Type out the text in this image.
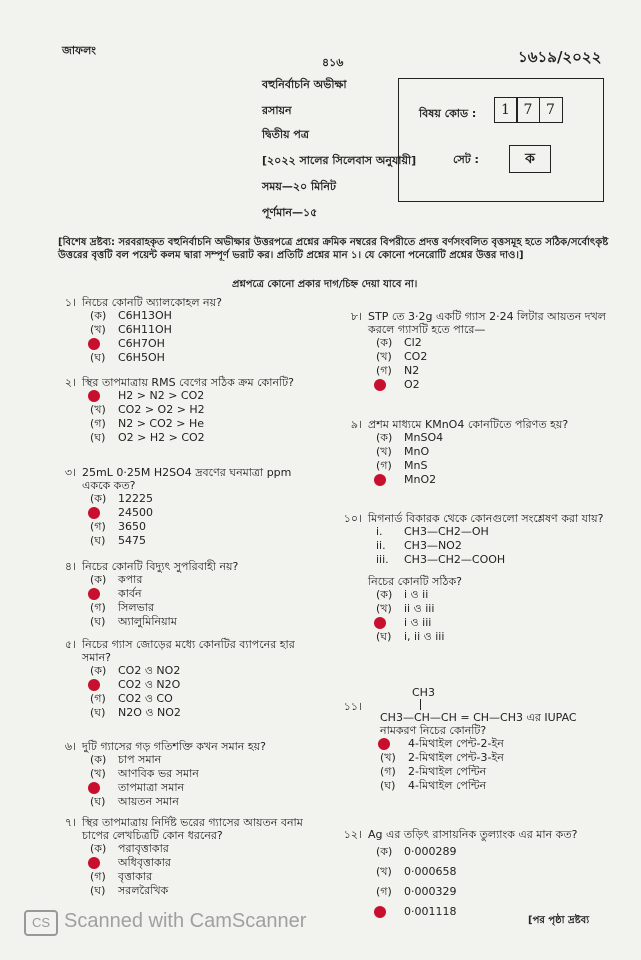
জাফলং
৪১৬	১৬১৯/২০২২
বহুনির্বাচনি অভীক্ষা
রসায়ন
দ্বিতীয় পত্র
[২০২২ সালের সিলেবাস অনুযায়ী]
সময়—২০ মিনিট
পূর্ণমান—১৫
বিষয় কোড :	1 7 7
সেট :	ক
[বিশেষ দ্রষ্টব্য: সরবরাহকৃত বহুনির্বাচনি অভীক্ষার উত্তরপত্রে প্রশ্নের ক্রমিক নম্বরের বিপরীতে প্রদত্ত বর্ণসংবলিত বৃত্তসমূহ হতে সঠিক/সর্বোৎকৃষ্ট উত্তরের বৃত্তটি বল পয়েন্ট কলম দ্বারা সম্পূর্ণ ভরাট কর। প্রতিটি প্রশ্নের মান ১। যে কোনো পনেরোটি প্রশ্নের উত্তর দাও।]
প্রশ্নপত্রে কোনো প্রকার দাগ/চিহ্ন দেয়া যাবে না।
১। নিচের কোনটি অ্যালকোহল নয়?
(ক) C6H13OH
(খ) C6H11OH
C6H7OH
(ঘ) C6H5OH
২। স্থির তাপমাত্রায় RMS বেগের সঠিক ক্রম কোনটি?
H2 > N2 > CO2
(খ) CO2 > O2 > H2
(গ) N2 > CO2 > He
(ঘ) O2 > H2 > CO2
৩। 25mL 0·25M H2SO4 দ্রবণের ঘনমাত্রা ppm এককে কত?
(ক) 12225
24500
(গ) 3650
(ঘ) 5475
৪। নিচের কোনটি বিদ্যুৎ সুপরিবাহী নয়?
(ক) কপার
কার্বন
(গ) সিলভার
(ঘ) অ্যালুমিনিয়াম
৫। নিচের গ্যাস জোড়ের মধ্যে কোনটির ব্যাপনের হার সমান?
(ক) CO2 ও NO2
CO2 ও N2O
(গ) CO2 ও CO
(ঘ) N2O ও NO2
৬। দুটি গ্যাসের গড় গতিশক্তি কখন সমান হয়?
(ক) চাপ সমান
(খ) আণবিক ভর সমান
তাপমাত্রা সমান
(ঘ) আয়তন সমান
৭। স্থির তাপমাত্রায় নির্দিষ্ট ভরের গ্যাসের আয়তন বনাম চাপের লেখচিত্রটি কোন ধরনের?
(ক) পরাবৃত্তাকার
অধিবৃত্তাকার
(গ) বৃত্তাকার
(ঘ) সরলরৈখিক
৮। STP তে 3·2g একটি গ্যাস 2·24 লিটার আয়তন দখল করলে গ্যাসটি হতে পারে—
(ক) Cl2
(খ) CO2
(গ) N2
O2
৯। প্রশম মাধ্যমে KMnO4 কোনটিতে পরিণত হয়?
(ক) MnSO4
(খ) MnO
(গ) MnS
MnO2
১০। মিগনার্ড বিকারক থেকে কোনগুলো সংশ্লেষণ করা যায়?
i. CH3—CH2—OH
ii. CH3—NO2
iii. CH3—CH2—COOH
নিচের কোনটি সঠিক?
(ক) i ও ii
(খ) ii ও iii
i ও iii
(ঘ) i, ii ও iii
CH3
১১।
CH3—CH—CH = CH—CH3 এর IUPAC
নামকরণ নিচের কোনটি?
4-মিথাইল পেন্ট-2-ইন
(খ) 2-মিথাইল পেন্ট-3-ইন
(গ) 2-মিথাইল পেন্টিন
(ঘ) 4-মিথাইল পেন্টিন
১২। Ag এর তড়িৎ রাসায়নিক তুল্যাংক এর মান কত?
(ক) 0·000289
(খ) 0·000658
(গ) 0·000329
0·001118
CS Scanned with CamScanner	[পর পৃষ্ঠা দ্রষ্টব্য
